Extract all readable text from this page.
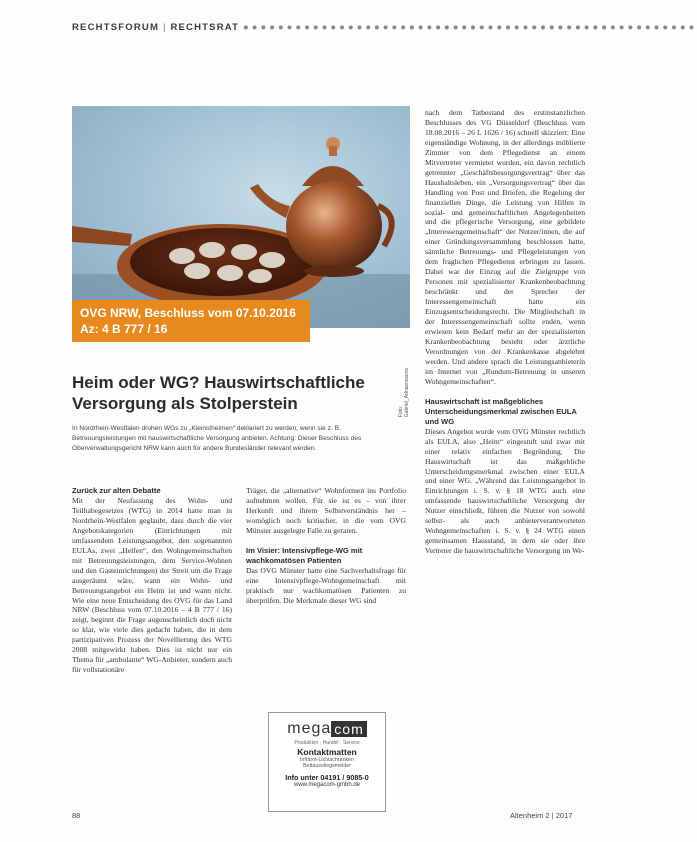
RECHTSFORUM | RECHTSRAT ●●●●●●●●●●●●●●●●●●●●●●●●●●●●●●●●●●●●●●●●●●●●●●●●●●●●
Foto: Gabriel_Adriaenssens
OVG NRW, Beschluss vom 07.10.2016
Az: 4 B 777 / 16
Heim oder WG? Hauswirtschaftliche Versorgung als Stolperstein

In Nordrhein-Westfalen drohen WGs zu „Kleinstheimen“ deklariert zu werden, wenn sie z. B. Betreuungsleistungen mit hauswirtschaftliche Versorgung anbieten. Achtung: Dieser Beschluss des Oberverwaltungsgericht NRW kann auch für andere Bundesländer relevant werden.

Zurück zur alten Debatte

Mit der Neufassung des Wohn- und Teilhabegesetzes (WTG) in 2014 hatte man in Nordrhein-Westfalen geglaubt, dass durch die vier Angebotskategorien (Einrichtungen mit umfassendem Leistungsangebot, den sogenannten EULAs, zwei „Helfen“, den Wohngemeinschaften mit Betreuungsleistungen, dem Service-Wohnen und den Gasteinrichtungen) der Streit um die Frage ausgeräumt wäre, wann ein Wohn- und Betreuungsangebot ein Heim ist und wann nicht. Wie eine neue Entscheidung des OVG für das Land NRW (Beschluss vom 07.10.2016 – 4 B 777 / 16) zeigt, beginnt die Frage augenscheinlich doch nicht so klar, wie viele dies gedacht haben, die in dem partizipativen Prozess der Novellierung des WTG 2008 mitgewirkt haben. Dies ist nicht nur ein Thema für „ambulante“ WG-Anbieter, sondern auch für vollstationäre

Träger, die „alternative“ Wohnformen ins Portfolio aufnehmen wollen. Für sie ist es – von ihrer Herkunft und ihrem Selbstverständnis her – womöglich noch kritischer, in die vom OVG Münster ausgelegte Falle zu geraten.

Im Visier: Intensivpflege-WG mit wachkomatösen Patienten

Das OVG Münster hatte eine Sachverhaltsfrage für eine Intensivpflege-Wohngemeinschaft mit praktisch nur wachkomatösen Patienten zu überprüfen. Die Merkmale dieser WG sind

nach dem Tatbestand des erstinstanzlichen Beschlusses des VG Düsseldorf (Beschluss vom 18.08.2016 – 26 L 1626 / 16) schnell skizziert: Eine eigenständige Wohnung, in der allerdings möblierte Zimmer von dem Pflegedienst an einem Mitvertreter vermietet wurden, ein davon rechtlich getrennter „Geschäftsbesorgungsvertrag“ über das Haushaltsleben, ein „Versorgungsvertrag“ über das Handling von Post und Briefen, die Regelung der finanziellen Dinge, die Leistung von Hilfen in sozial- und gemeinschaftlichen Angelegenheiten und die pflegerische Versorgung, eine gebildete „Interessengemeinschaft“ der Nutzer/innen, die auf einer Gründungsversammlung beschlossen hatte, sämtliche Betreuungs- und Pflegeleistungen von dem fraglichen Pflegedienst erbringen zu lassen. Dabei war der Einzug auf die Zielgruppe von Personen mit spezialisierter Krankenbeobachtung beschränkt und der Sprecher der Interessengemeinschaft hatte ein Einzugsentscheidungsrecht. Die Mitgliedschaft in der Interessengemeinschaft sollte enden, wenn erwiesen kein Bedarf mehr an der spezialisierten Krankenbeobachtung besteht oder ärztliche Verordnungen von der Krankenkasse abgelehnt werden. Und andere sprach die Leistungsanbieterin im Internet von „Rundum-Betreuung in unseren Wohngemeinschaften“.

Hauswirtschaft ist maßgebliches Unterscheidungsmerkmal zwischen EULA und WG

Dieses Angebot wurde vom OVG Münster rechtlich als EULA, also „Heim“ eingestuft und zwar mit einer relativ einfachen Begründung. Die Hauswirtschaft ist das maßgebliche Unterscheidungsmerkmal zwischen einer EULA und einer WG. „Während das Leistungsangebot in Einrichtungen i. S. v. § 18 WTG auch eine umfassende hauswirtschaftliche Versorgung der Nutzer einschließt, führen die Nutzer von sowohl selbst- als auch anbieterverantworteten Wohngemeinschaften i. S. v. § 24 WTG einen gemeinsamen Hausstand, in dem sie oder ihre Vertreter die hauswirtschaftliche Versorgung im We-

mega com
Produktion · Handel · Service
Kontaktmatten
Infrarot-Lichtschranken
Bettausstiegsmelder
Info unter 04191 / 9085-0
www.megacom-gmbh.de
88	Altenheim 2 | 2017
